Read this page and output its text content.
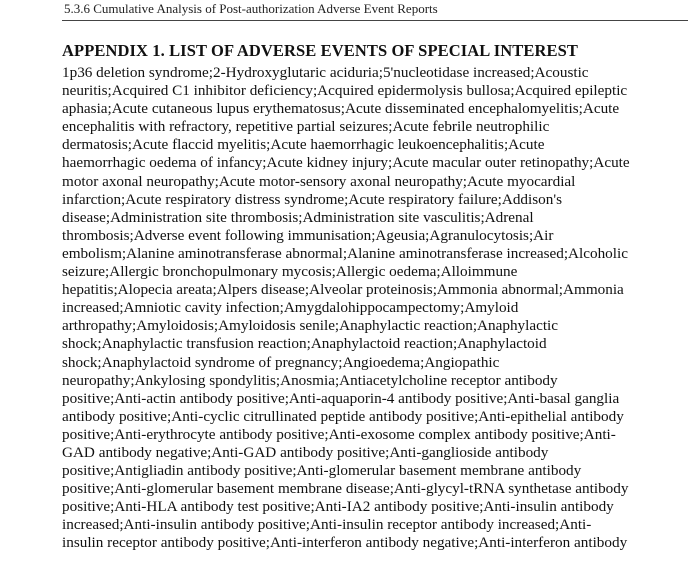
5.3.6 Cumulative Analysis of Post-authorization Adverse Event Reports
APPENDIX 1. LIST OF ADVERSE EVENTS OF SPECIAL INTEREST
1p36 deletion syndrome;2-Hydroxyglutaric aciduria;5'nucleotidase increased;Acoustic
neuritis;Acquired C1 inhibitor deficiency;Acquired epidermolysis bullosa;Acquired epileptic
aphasia;Acute cutaneous lupus erythematosus;Acute disseminated encephalomyelitis;Acute
encephalitis with refractory, repetitive partial seizures;Acute febrile neutrophilic
dermatosis;Acute flaccid myelitis;Acute haemorrhagic leukoencephalitis;Acute
haemorrhagic oedema of infancy;Acute kidney injury;Acute macular outer retinopathy;Acute
motor axonal neuropathy;Acute motor-sensory axonal neuropathy;Acute myocardial
infarction;Acute respiratory distress syndrome;Acute respiratory failure;Addison's
disease;Administration site thrombosis;Administration site vasculitis;Adrenal
thrombosis;Adverse event following immunisation;Ageusia;Agranulocytosis;Air
embolism;Alanine aminotransferase abnormal;Alanine aminotransferase increased;Alcoholic
seizure;Allergic bronchopulmonary mycosis;Allergic oedema;Alloimmune
hepatitis;Alopecia areata;Alpers disease;Alveolar proteinosis;Ammonia abnormal;Ammonia
increased;Amniotic cavity infection;Amygdalohippocampectomy;Amyloid
arthropathy;Amyloidosis;Amyloidosis senile;Anaphylactic reaction;Anaphylactic
shock;Anaphylactic transfusion reaction;Anaphylactoid reaction;Anaphylactoid
shock;Anaphylactoid syndrome of pregnancy;Angioedema;Angiopathic
neuropathy;Ankylosing spondylitis;Anosmia;Antiacetylcholine receptor antibody
positive;Anti-actin antibody positive;Anti-aquaporin-4 antibody positive;Anti-basal ganglia
antibody positive;Anti-cyclic citrullinated peptide antibody positive;Anti-epithelial antibody
positive;Anti-erythrocyte antibody positive;Anti-exosome complex antibody positive;Anti-
GAD antibody negative;Anti-GAD antibody positive;Anti-ganglioside antibody
positive;Antigliadin antibody positive;Anti-glomerular basement membrane antibody
positive;Anti-glomerular basement membrane disease;Anti-glycyl-tRNA synthetase antibody
positive;Anti-HLA antibody test positive;Anti-IA2 antibody positive;Anti-insulin antibody
increased;Anti-insulin antibody positive;Anti-insulin receptor antibody increased;Anti-
insulin receptor antibody positive;Anti-interferon antibody negative;Anti-interferon antibody
